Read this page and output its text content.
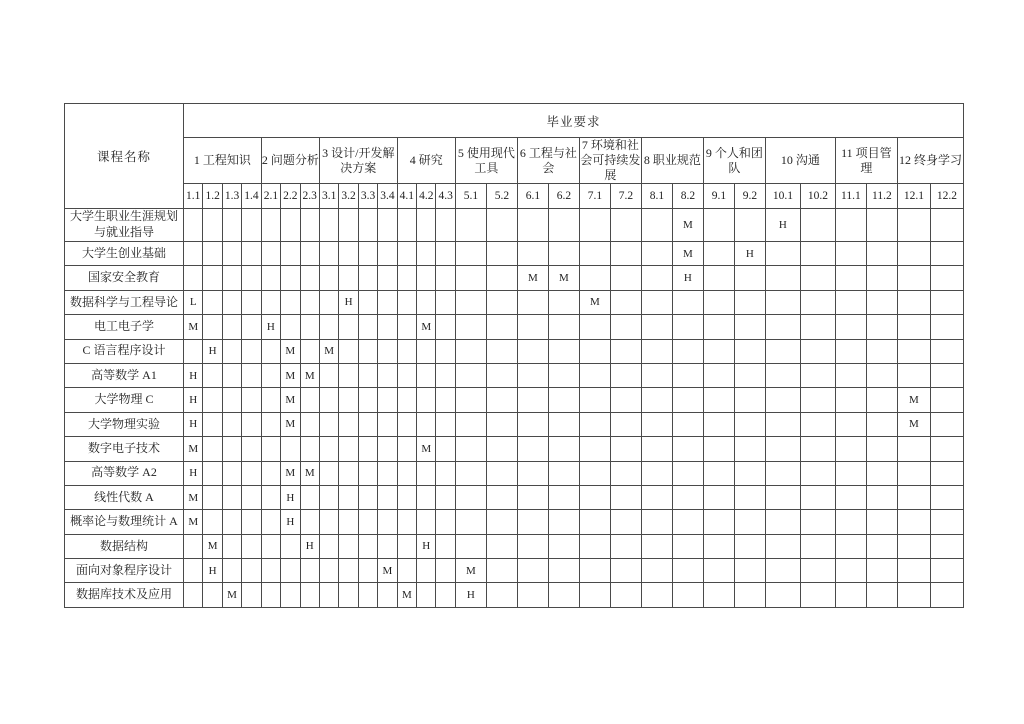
课程名称	毕业要求																													
	1 工程知识				2 问题分析			3 设计/开发解决方案				4 研究			5 使用现代工具		6 工程与社会		7 环境和社会可持续发展		8 职业规范		9 个人和团队		10 沟通		11 项目管理		12 终身学习	
	1.1	1.2	1.3	1.4	2.1	2.2	2.3	3.1	3.2	3.3	3.4	4.1	4.2	4.3	5.1	5.2	6.1	6.2	7.1	7.2	8.1	8.2	9.1	9.2	10.1	10.2	11.1	11.2	12.1	12.2
大学生职业生涯规划与就业指导																						M			H					
大学生创业基础																						M		H						
国家安全教育																	M	M				H								
数据科学与工程导论	L								H										M											
电工电子学	M				H								M																	
C 语言程序设计		H				M		M																						
高等数学 A1	H					M	M																							
大学物理 C	H					M																							M	
大学物理实验	H					M																							M	
数字电子技术	M												M																	
高等数学 A2	H					M	M																							
线性代数 A	M					H																								
概率论与数理统计 A	M					H																								
数据结构		M					H						H																	
面向对象程序设计		H									M				M															
数据库技术及应用			M									M			H															
